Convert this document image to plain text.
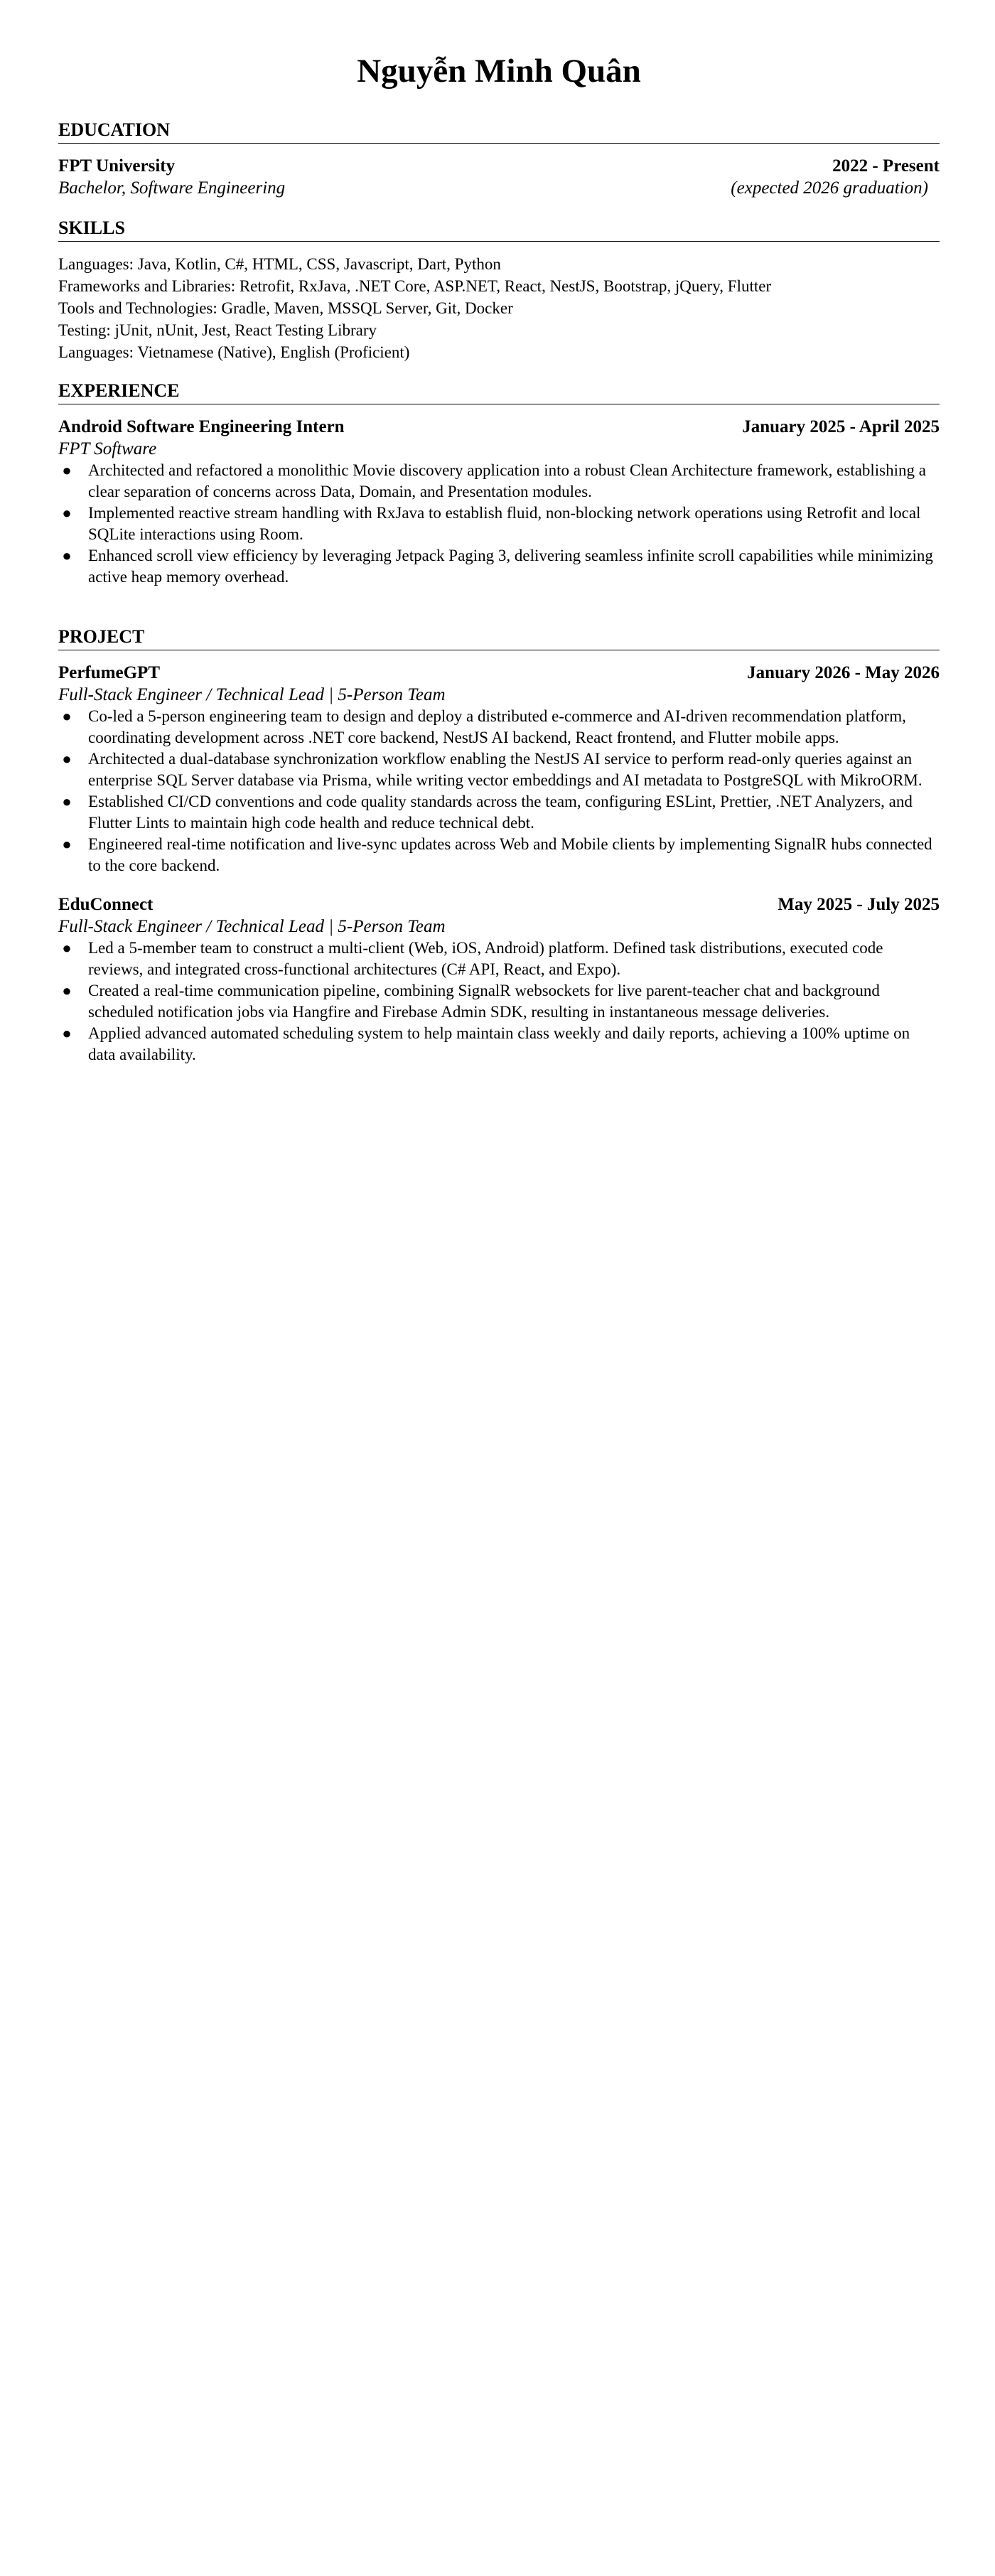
Nguyễn Minh Quân
EDUCATION
FPT University	2022 - Present
Bachelor, Software Engineering	(expected 2026 graduation)
SKILLS
Languages: Java, Kotlin, C#, HTML, CSS, Javascript, Dart, Python
Frameworks and Libraries: Retrofit, RxJava, .NET Core, ASP.NET, React, NestJS, Bootstrap, jQuery, Flutter
Tools and Technologies: Gradle, Maven, MSSQL Server, Git, Docker
Testing: jUnit, nUnit, Jest, React Testing Library
Languages: Vietnamese (Native), English (Proficient)
EXPERIENCE
Android Software Engineering Intern	January 2025 - April 2025
FPT Software
● Architected and refactored a monolithic Movie discovery application into a robust Clean Architecture framework, establishing a clear separation of concerns across Data, Domain, and Presentation modules.
● Implemented reactive stream handling with RxJava to establish fluid, non-blocking network operations using Retrofit and local SQLite interactions using Room.
● Enhanced scroll view efficiency by leveraging Jetpack Paging 3, delivering seamless infinite scroll capabilities while minimizing active heap memory overhead.
PROJECT
PerfumeGPT	January 2026 - May 2026
Full-Stack Engineer / Technical Lead | 5-Person Team
● Co-led a 5-person engineering team to design and deploy a distributed e-commerce and AI-driven recommendation platform, coordinating development across .NET core backend, NestJS AI backend, React frontend, and Flutter mobile apps.
● Architected a dual-database synchronization workflow enabling the NestJS AI service to perform read-only queries against an enterprise SQL Server database via Prisma, while writing vector embeddings and AI metadata to PostgreSQL with MikroORM.
● Established CI/CD conventions and code quality standards across the team, configuring ESLint, Prettier, .NET Analyzers, and Flutter Lints to maintain high code health and reduce technical debt.
● Engineered real-time notification and live-sync updates across Web and Mobile clients by implementing SignalR hubs connected to the core backend.
EduConnect	May 2025 - July 2025
Full-Stack Engineer / Technical Lead | 5-Person Team
● Led a 5-member team to construct a multi-client (Web, iOS, Android) platform. Defined task distributions, executed code reviews, and integrated cross-functional architectures (C# API, React, and Expo).
● Created a real-time communication pipeline, combining SignalR websockets for live parent-teacher chat and background scheduled notification jobs via Hangfire and Firebase Admin SDK, resulting in instantaneous message deliveries.
● Applied advanced automated scheduling system to help maintain class weekly and daily reports, achieving a 100% uptime on data availability.
